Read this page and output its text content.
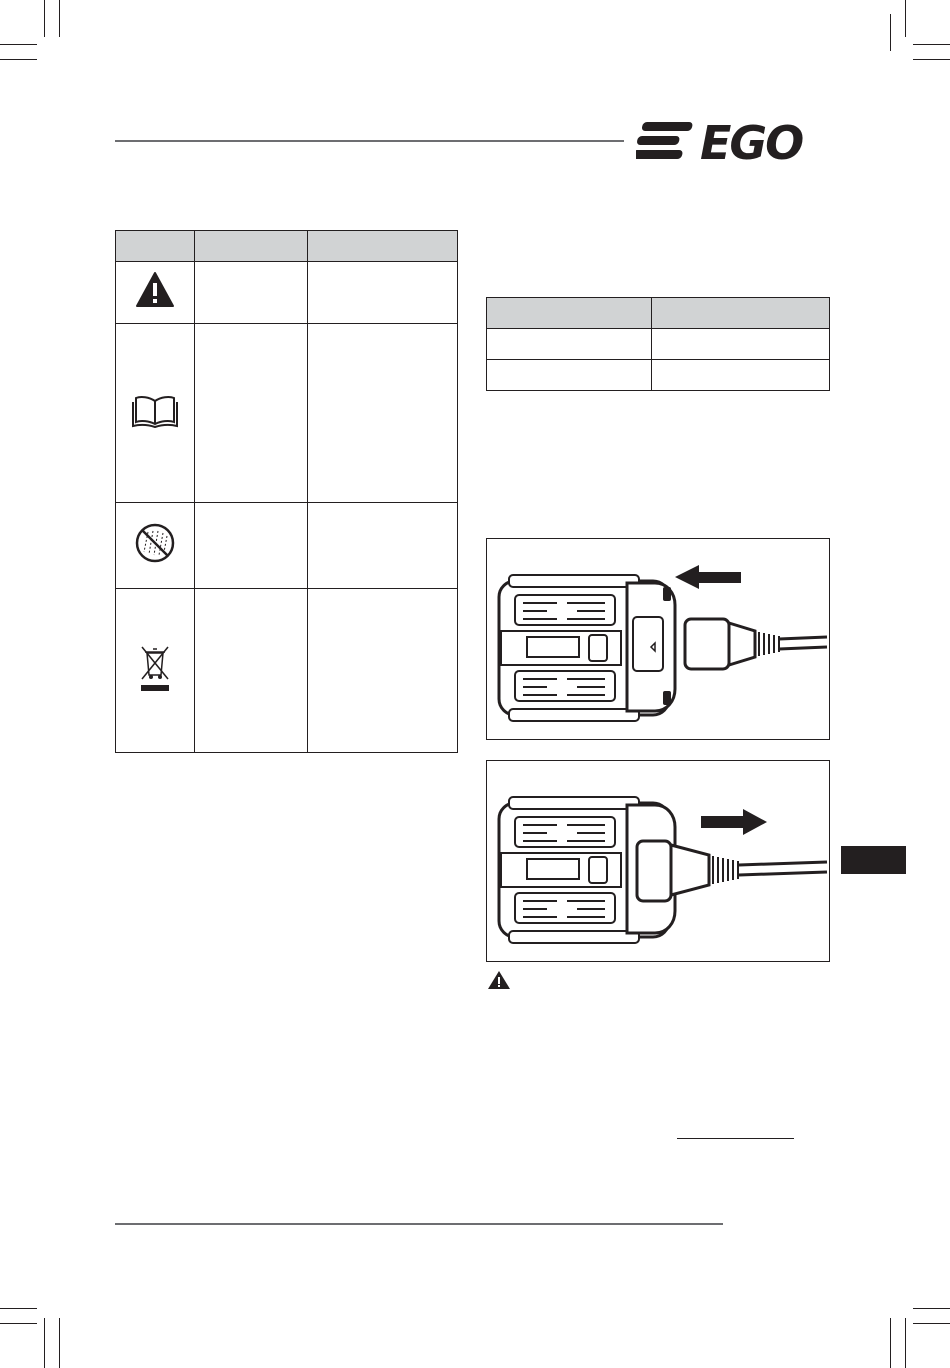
EGO
